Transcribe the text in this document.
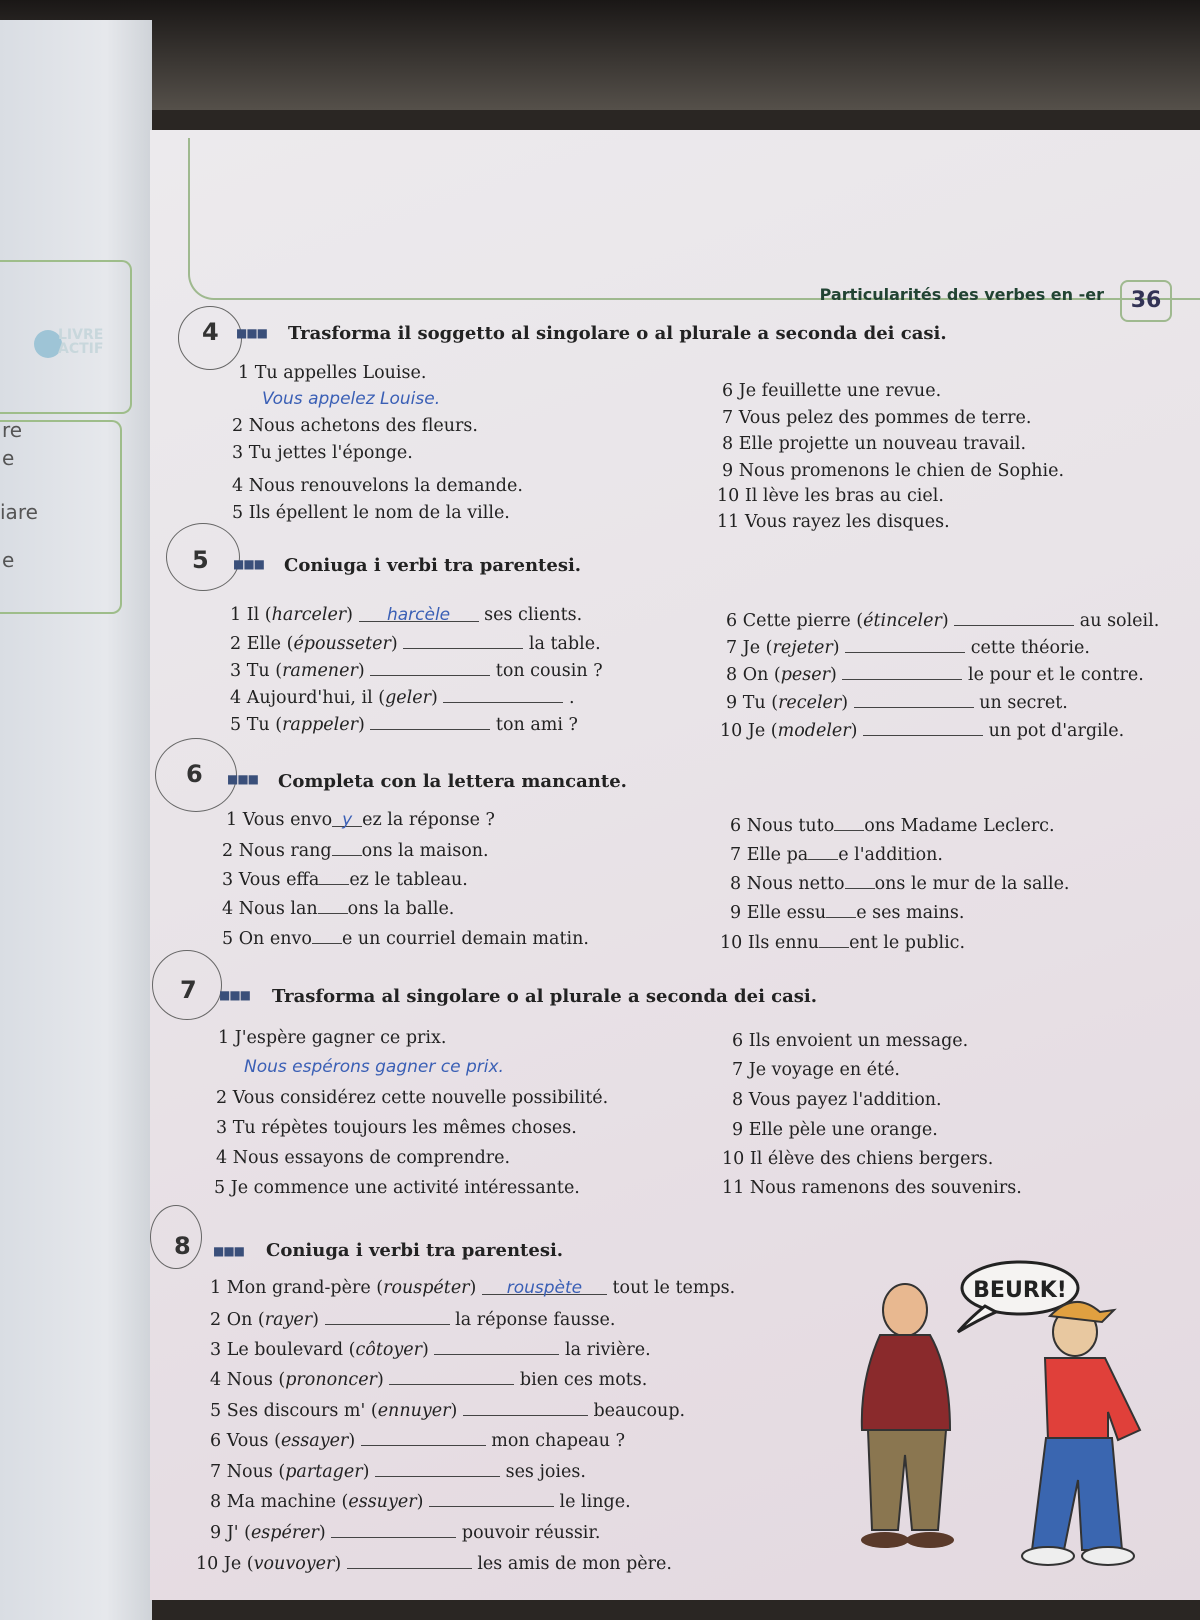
LIVRE
ACTIF
re
e
iare
e
Particularités des verbes en -er	36
4 ■■■ Trasforma il soggetto al singolare o al plurale a seconda dei casi.
1 Tu appelles Louise.
Vous appelez Louise.
2 Nous achetons des fleurs.
3 Tu jettes l'éponge.
4 Nous renouvelons la demande.
5 Ils épellent le nom de la ville.
6 Je feuillette une revue.
7 Vous pelez des pommes de terre.
8 Elle projette un nouveau travail.
9 Nous promenons le chien de Sophie.
10 Il lève les bras au ciel.
11 Vous rayez les disques.
5 ■■■ Coniuga i verbi tra parentesi.
1 Il (harceler) harcèle ses clients.
2 Elle (épousseter)	la table.
3 Tu (ramener)	ton cousin ?
4 Aujourd'hui, il (geler)	.
5 Tu (rappeler)	ton ami ?
6 Cette pierre (étinceler)	au soleil.
7 Je (rejeter)	cette théorie.
8 On (peser)	le pour et le contre.
9 Tu (receler)	un secret.
10 Je (modeler)	un pot d'argile.
6 ■■■ Completa con la lettera mancante.
1 Vous envo y ez la réponse ?
2 Nous rang ons la maison.
3 Vous effa ez le tableau.
4 Nous lan ons la balle.
5 On envo e un courriel demain matin.
6 Nous tuto ons Madame Leclerc.
7 Elle pa e l'addition.
8 Nous netto ons le mur de la salle.
9 Elle essu e ses mains.
10 Ils ennu ent le public.
7 ■■■ Trasforma al singolare o al plurale a seconda dei casi.
1 J'espère gagner ce prix.
Nous espérons gagner ce prix.
2 Vous considérez cette nouvelle possibilité.
3 Tu répètes toujours les mêmes choses.
4 Nous essayons de comprendre.
5 Je commence une activité intéressante.
6 Ils envoient un message.
7 Je voyage en été.
8 Vous payez l'addition.
9 Elle pèle une orange.
10 Il élève des chiens bergers.
11 Nous ramenons des souvenirs.
8 ■■■ Coniuga i verbi tra parentesi.
1 Mon grand-père (rouspéter) rouspète tout le temps.
2 On (rayer)	la réponse fausse.
3 Le boulevard (côtoyer)	la rivière.
4 Nous (prononcer)	bien ces mots.
5 Ses discours m' (ennuyer)	beaucoup.
6 Vous (essayer)	mon chapeau ?
7 Nous (partager)	ses joies.
8 Ma machine (essuyer)	le linge.
9 J' (espérer)	pouvoir réussir.
10 Je (vouvoyer)	les amis de mon père.
BEURK!
